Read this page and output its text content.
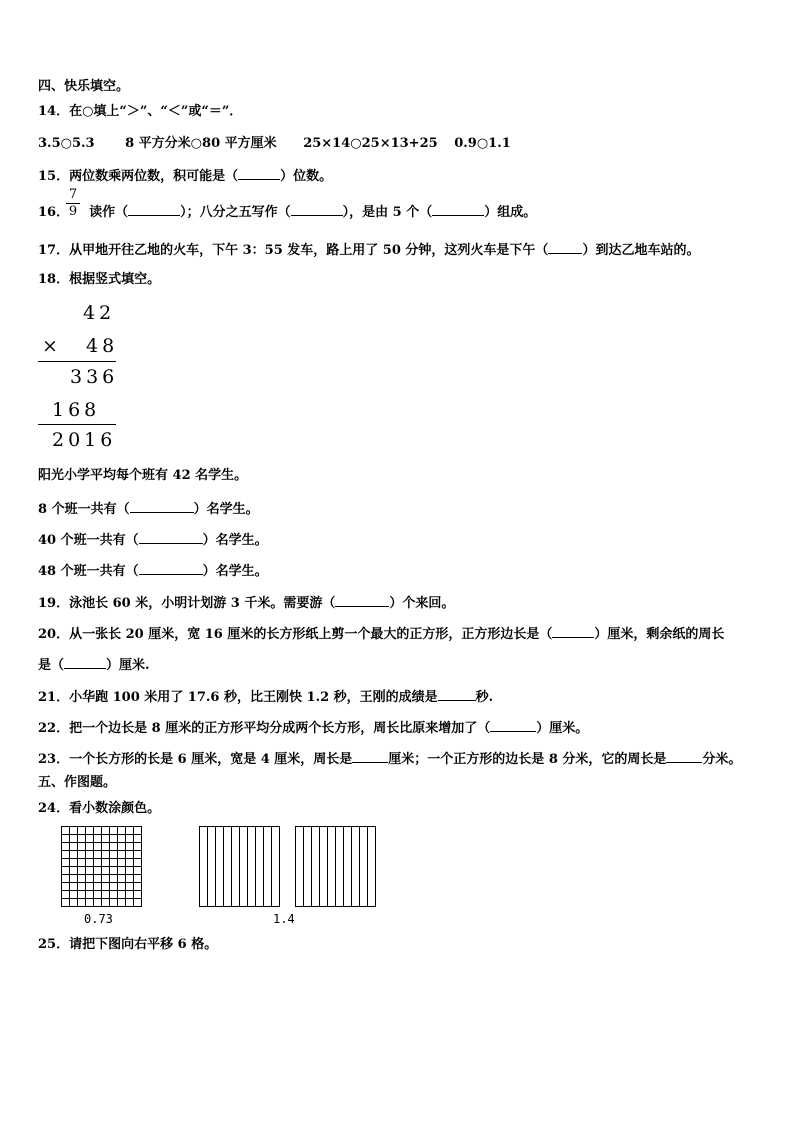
四、快乐填空。
14．在○填上“＞”、“＜”或“＝”．
3.5○5.3 8 平方分米○80 平方厘米 25×14○25×13+25 0.9○1.1
15．两位数乘两位数，积可能是（	）位数。
16． 读作（	）；八分之五写作（	），是由 5 个（	）组成。
7
9
17．从甲地开往乙地的火车，下午 3：55 发车，路上用了 50 分钟，这列火车是下午（	）到达乙地车站的。
18．根据竖式填空。
42
× 48
336
168
2016
阳光小学平均每个班有 42 名学生。
8 个班一共有（	）名学生。
40 个班一共有（	）名学生。
48 个班一共有（	）名学生。
19．泳池长 60 米，小明计划游 3 千米。需要游（	）个来回。
20．从一张长 20 厘米，宽 16 厘米的长方形纸上剪一个最大的正方形，正方形边长是（	）厘米，剩余纸的周长
是（	）厘米.
21．小华跑 100 米用了 17.6 秒，比王刚快 1.2 秒，王刚的成绩是	秒.
22．把一个边长是 8 厘米的正方形平均分成两个长方形，周长比原来增加了（	）厘米。
23．一个长方形的长是 6 厘米，宽是 4 厘米，周长是	厘米；一个正方形的边长是 8 分米，它的周长是	分米。
五、作图题。
24．看小数涂颜色。
0.73	1.4
25．请把下图向右平移 6 格。
